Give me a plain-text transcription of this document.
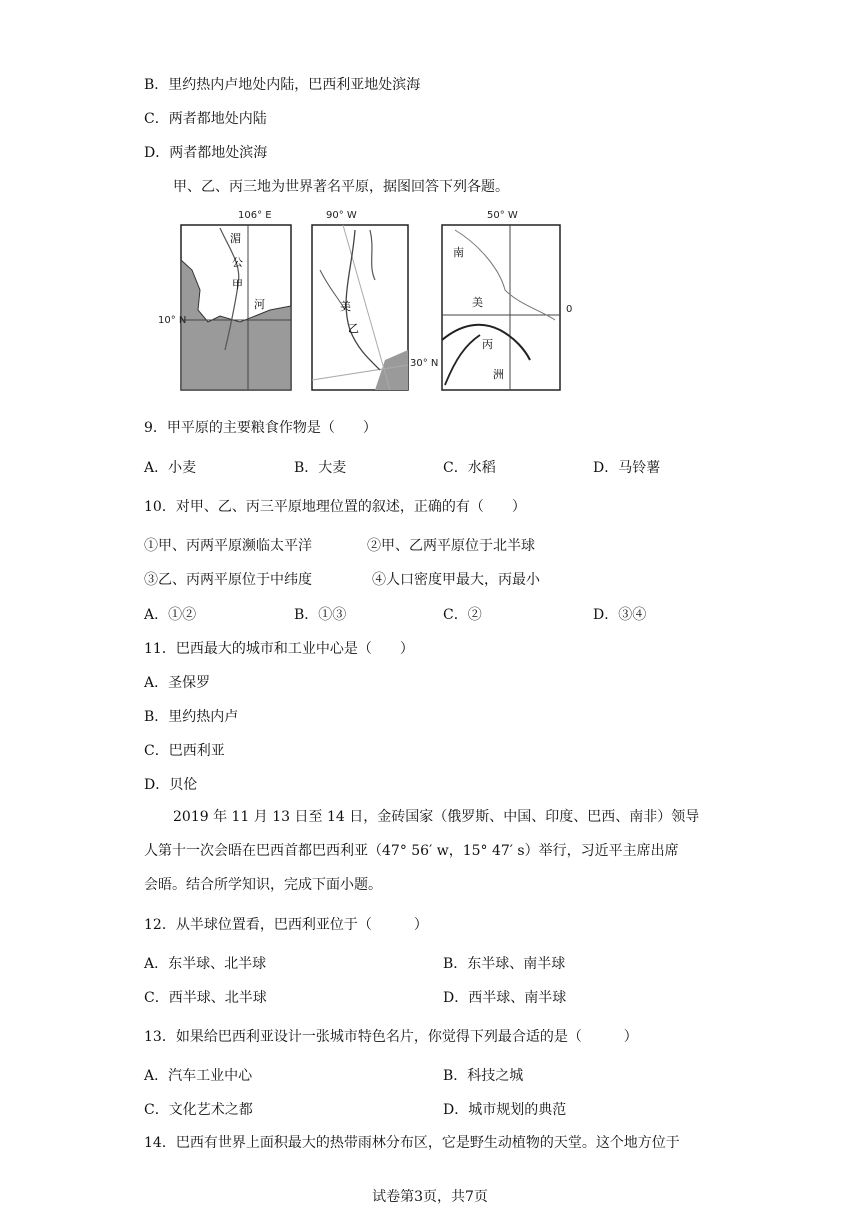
B．里约热内卢地处内陆，巴西利亚地处滨海
C．两者都地处内陆
D．两者都地处滨海
甲、乙、丙三地为世界著名平原，据图回答下列各题。
106° E
10° N
湄
公
甲
河
90° W
30° N
美
乙
50° W
0
南
美
丙
洲
9．甲平原的主要粮食作物是（　　）
A．小麦	B．大麦	C．水稻	D．马铃薯
10．对甲、乙、丙三平原地理位置的叙述，正确的有（　　）
①甲、丙两平原濒临太平洋	②甲、乙两平原位于北半球
③乙、丙两平原位于中纬度	④人口密度甲最大，丙最小
A．①②	B．①③	C．②	D．③④
11．巴西最大的城市和工业中心是（　　）
A．圣保罗
B．里约热内卢
C．巴西利亚
D．贝伦
2019 年 11 月 13 日至 14 日，金砖国家（俄罗斯、中国、印度、巴西、南非）领导
人第十一次会晤在巴西首都巴西利亚（47° 56′ w，15° 47′ s）举行，习近平主席出席
会晤。结合所学知识，完成下面小题。
12．从半球位置看，巴西利亚位于（　　　）
A．东半球、北半球	B．东半球、南半球
C．西半球、北半球	D．西半球、南半球
13．如果给巴西利亚设计一张城市特色名片，你觉得下列最合适的是（　　　）
A．汽车工业中心	B．科技之城
C．文化艺术之都	D．城市规划的典范
14．巴西有世界上面积最大的热带雨林分布区，它是野生动植物的天堂。这个地方位于
试卷第3页，共7页
